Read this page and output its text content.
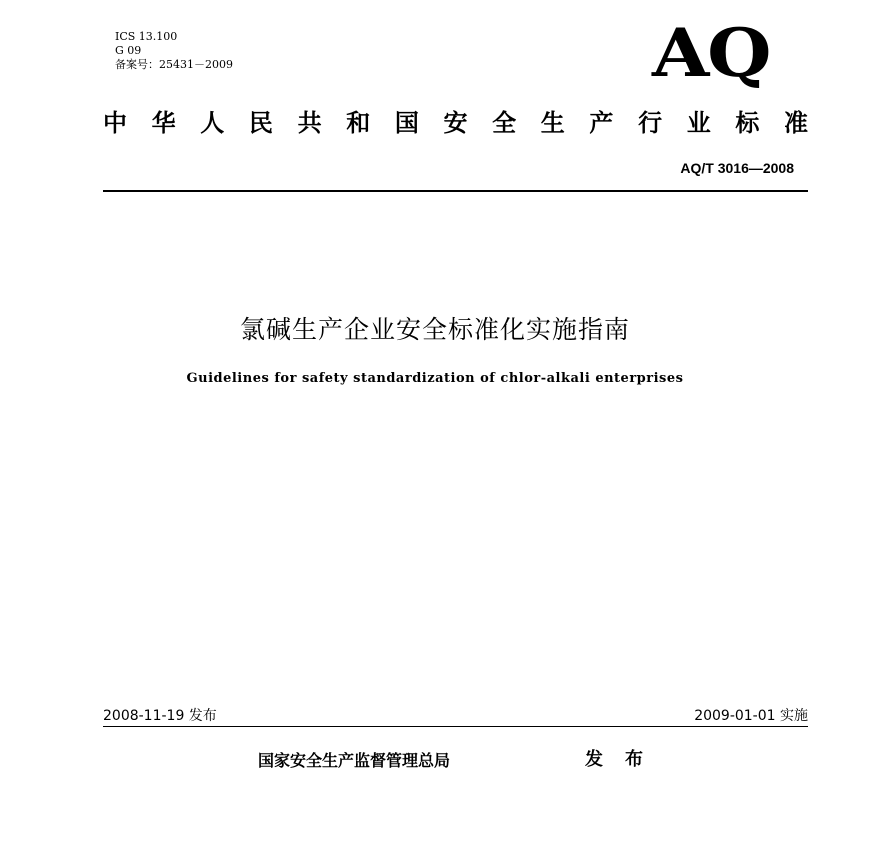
ICS 13.100
G 09
备案号：25431－2009	AQ
中华人民共和国安全生产行业标准
AQ/T 3016—2008
氯碱生产企业安全标准化实施指南
Guidelines for safety standardization of chlor-alkali enterprises
2008-11-19 发布	2009-01-01 实施
国家安全生产监督管理总局	发布
